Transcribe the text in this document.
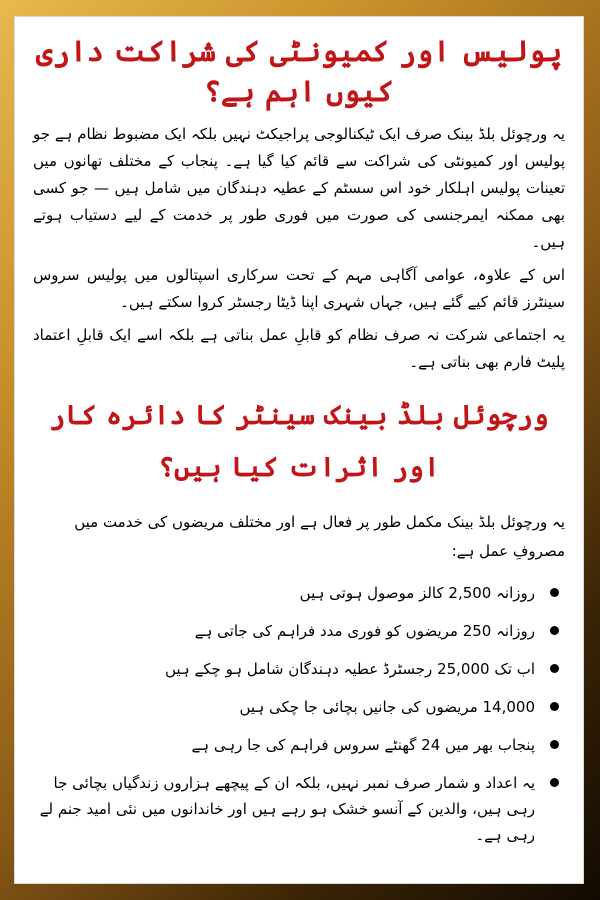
پولیس اور کمیونٹی کی شراکت داری کیوں اہم ہے؟

یہ ورچوئل بلڈ بینک صرف ایک ٹیکنالوجی پراجیکٹ نہیں بلکہ ایک مضبوط نظام ہے جو پولیس اور کمیونٹی کی شراکت سے قائم کیا گیا ہے۔ پنجاب کے مختلف تھانوں میں تعینات پولیس اہلکار خود اس سسٹم کے عطیہ دہندگان میں شامل ہیں — جو کسی بھی ممکنہ ایمرجنسی کی صورت میں فوری طور پر خدمت کے لیے دستیاب ہوتے ہیں۔

اس کے علاوہ، عوامی آگاہی مہم کے تحت سرکاری اسپتالوں میں پولیس سروس سینٹرز قائم کیے گئے ہیں، جہاں شہری اپنا ڈیٹا رجسٹر کروا سکتے ہیں۔

یہ اجتماعی شرکت نہ صرف نظام کو قابلِ عمل بناتی ہے بلکہ اسے ایک قابلِ اعتماد پلیٹ فارم بھی بناتی ہے۔

ورچوئل بلڈ بینک سینٹر کا دائرہ کار اور اثرات کیا ہیں؟

یہ ورچوئل بلڈ بینک مکمل طور پر فعال ہے اور مختلف مریضوں کی خدمت میں مصروفِ عمل ہے:

روزانہ 2,500 کالز موصول ہوتی ہیں
روزانہ 250 مریضوں کو فوری مدد فراہم کی جاتی ہے
اب تک 25,000 رجسٹرڈ عطیہ دہندگان شامل ہو چکے ہیں
14,000 مریضوں کی جانیں بچائی جا چکی ہیں
پنجاب بھر میں 24 گھنٹے سروس فراہم کی جا رہی ہے
یہ اعداد و شمار صرف نمبر نہیں، بلکہ ان کے پیچھے ہزاروں زندگیاں بچائی جا رہی ہیں، والدین کے آنسو خشک ہو رہے ہیں اور خاندانوں میں نئی امید جنم لے رہی ہے۔
